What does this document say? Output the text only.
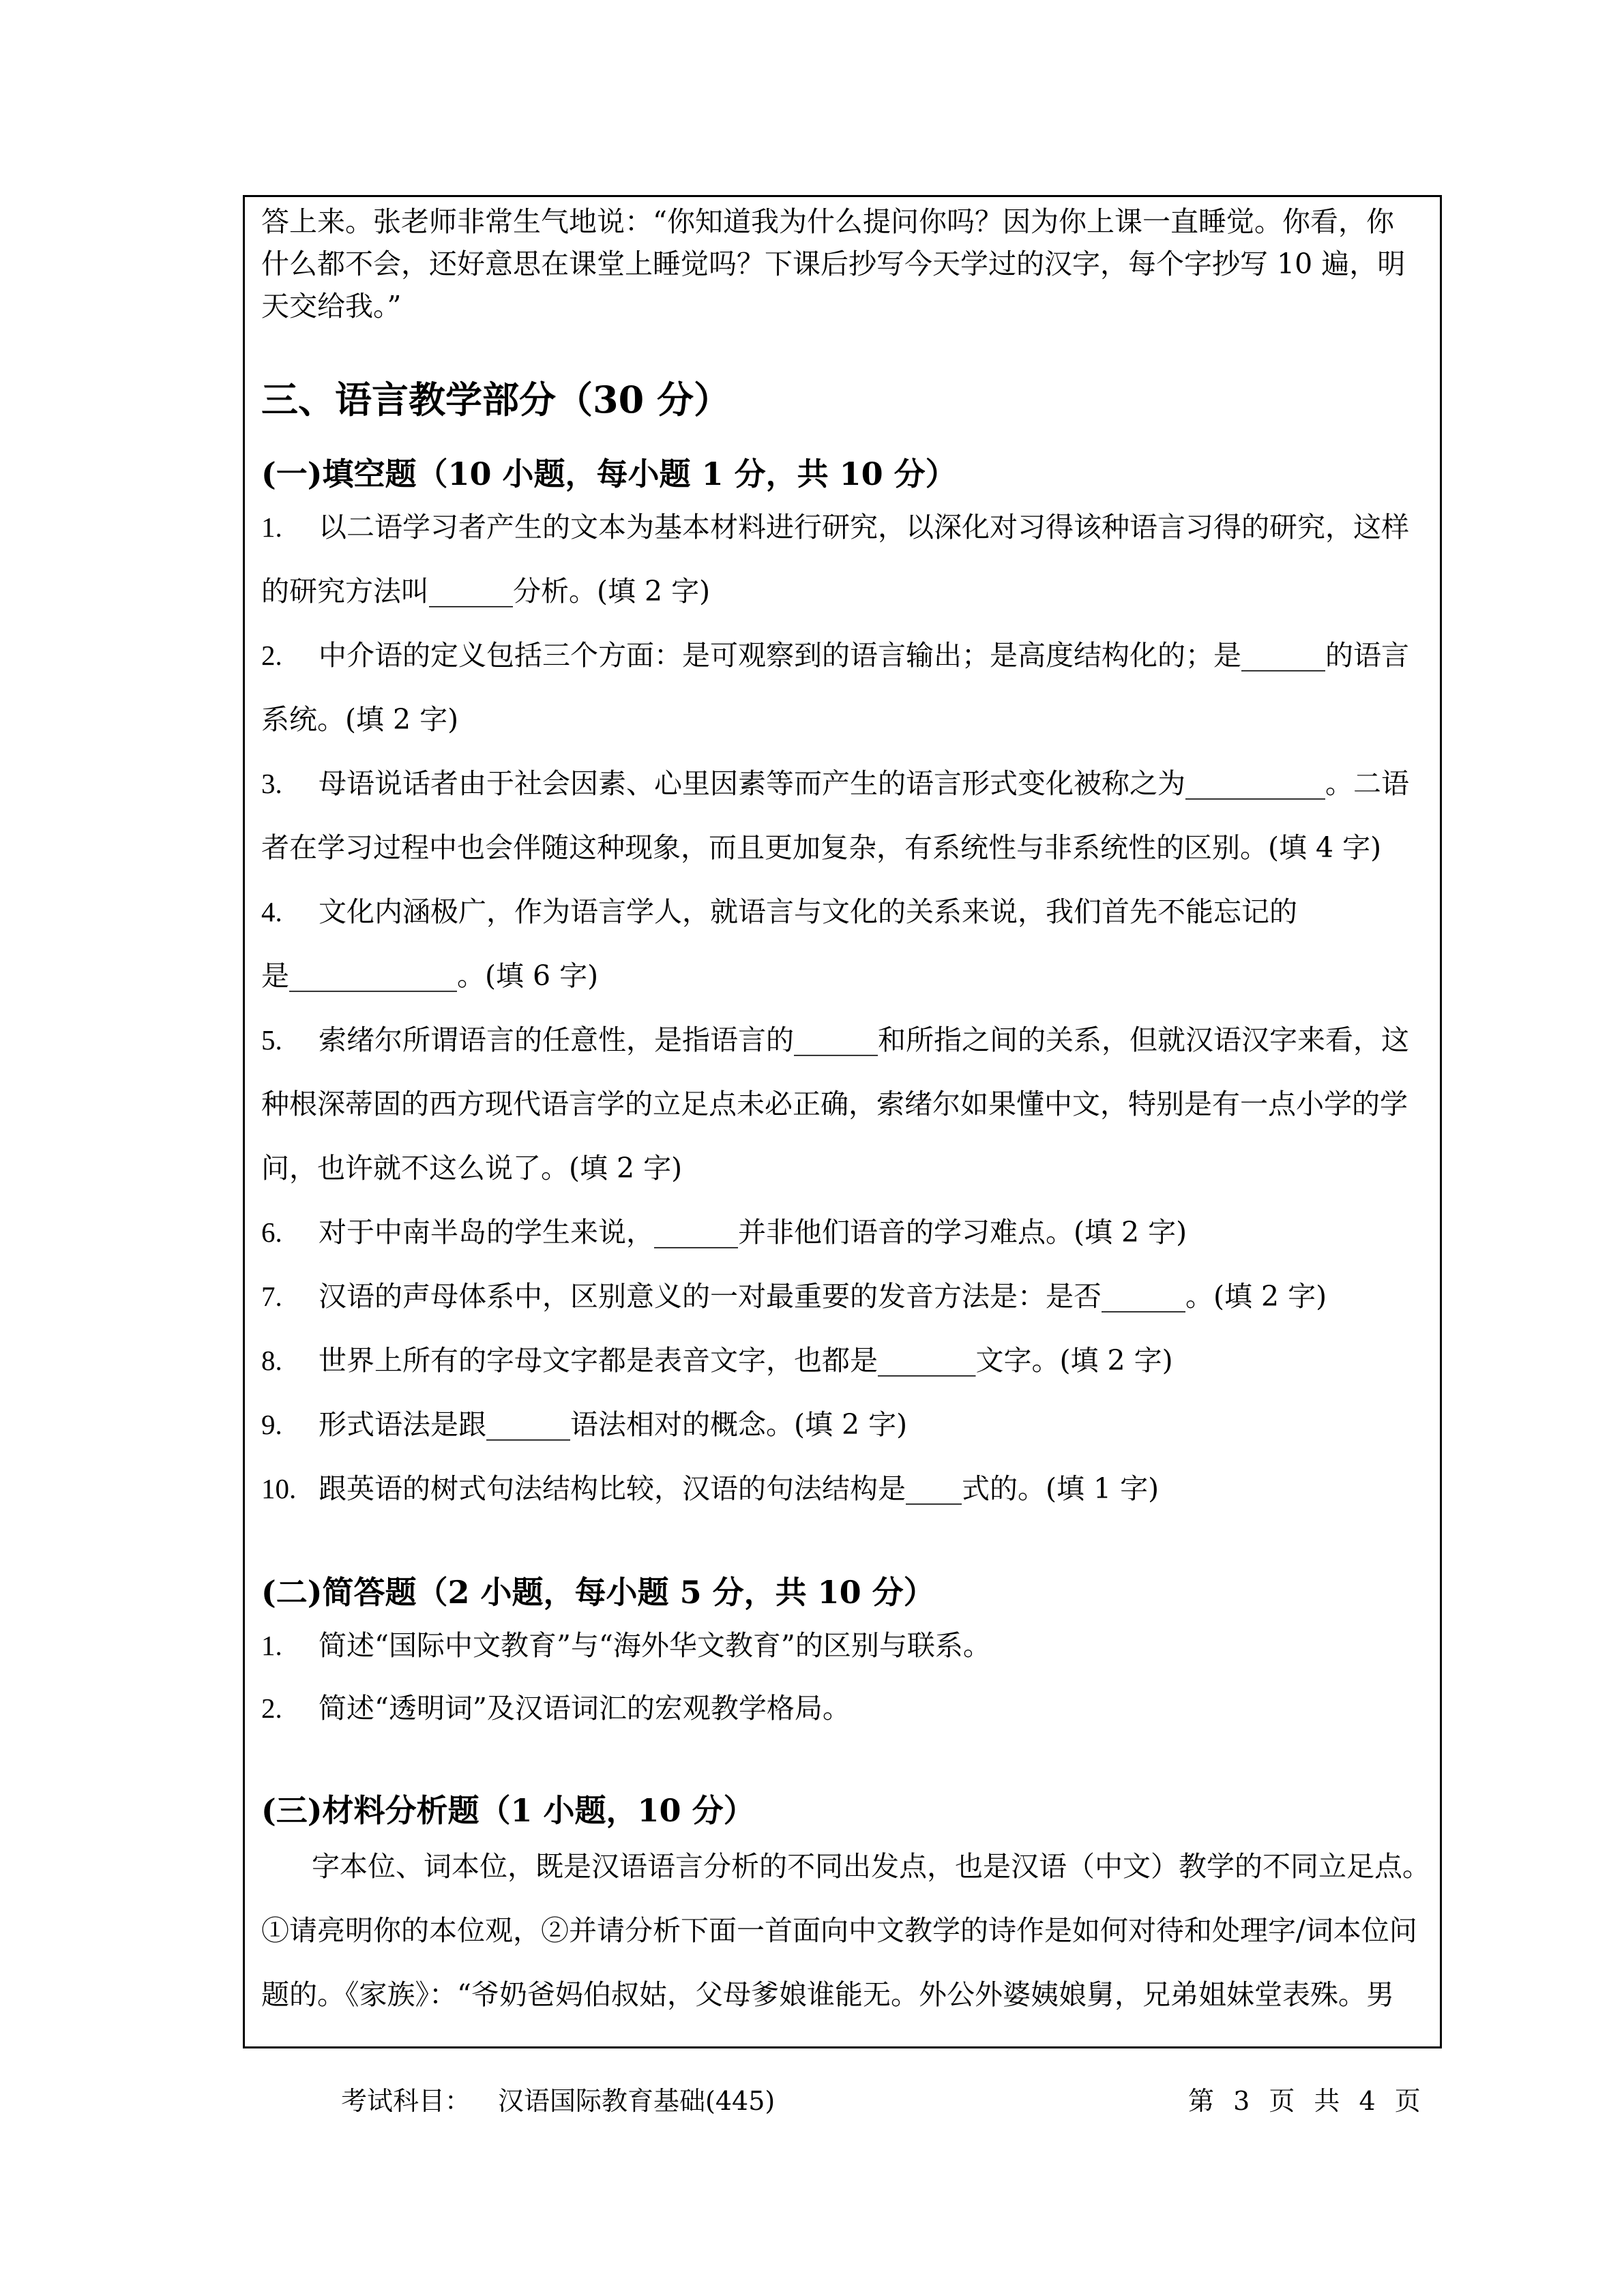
答上来。张老师非常生气地说：“你知道我为什么提问你吗？因为你上课一直睡觉。你看，你
什么都不会，还好意思在课堂上睡觉吗？下课后抄写今天学过的汉字，每个字抄写 10 遍，明
天交给我。”
三、语言教学部分（30 分）
(一)填空题（10 小题，每小题 1 分，共 10 分）
1. 以二语学习者产生的文本为基本材料进行研究，以深化对习得该种语言习得的研究，这样
的研究方法叫______分析。(填 2 字)
2. 中介语的定义包括三个方面：是可观察到的语言输出；是高度结构化的；是______的语言
系统。(填 2 字)
3. 母语说话者由于社会因素、心里因素等而产生的语言形式变化被称之为__________。二语
者在学习过程中也会伴随这种现象，而且更加复杂，有系统性与非系统性的区别。(填 4 字)
4. 文化内涵极广，作为语言学人，就语言与文化的关系来说，我们首先不能忘记的
是____________。(填 6 字)
5. 索绪尔所谓语言的任意性，是指语言的______和所指之间的关系，但就汉语汉字来看，这
种根深蒂固的西方现代语言学的立足点未必正确，索绪尔如果懂中文，特别是有一点小学的学
问，也许就不这么说了。(填 2 字)
6. 对于中南半岛的学生来说，______并非他们语音的学习难点。(填 2 字)
7. 汉语的声母体系中，区别意义的一对最重要的发音方法是：是否______。(填 2 字)
8. 世界上所有的字母文字都是表音文字，也都是_______文字。(填 2 字)
9. 形式语法是跟______语法相对的概念。(填 2 字)
10. 跟英语的树式句法结构比较，汉语的句法结构是____式的。(填 1 字)
(二)简答题（2 小题，每小题 5 分，共 10 分）
1. 简述“国际中文教育”与“海外华文教育”的区别与联系。
2. 简述“透明词”及汉语词汇的宏观教学格局。
(三)材料分析题（1 小题，10 分）
字本位、词本位，既是汉语语言分析的不同出发点，也是汉语（中文）教学的不同立足点。
①请亮明你的本位观，②并请分析下面一首面向中文教学的诗作是如何对待和处理字/词本位问
题的。《家族》：“爷奶爸妈伯叔姑，父母爹娘谁能无。外公外婆姨娘舅，兄弟姐妹堂表殊。男
考试科目： 汉语国际教育基础(445)	第 3 页 共 4 页
